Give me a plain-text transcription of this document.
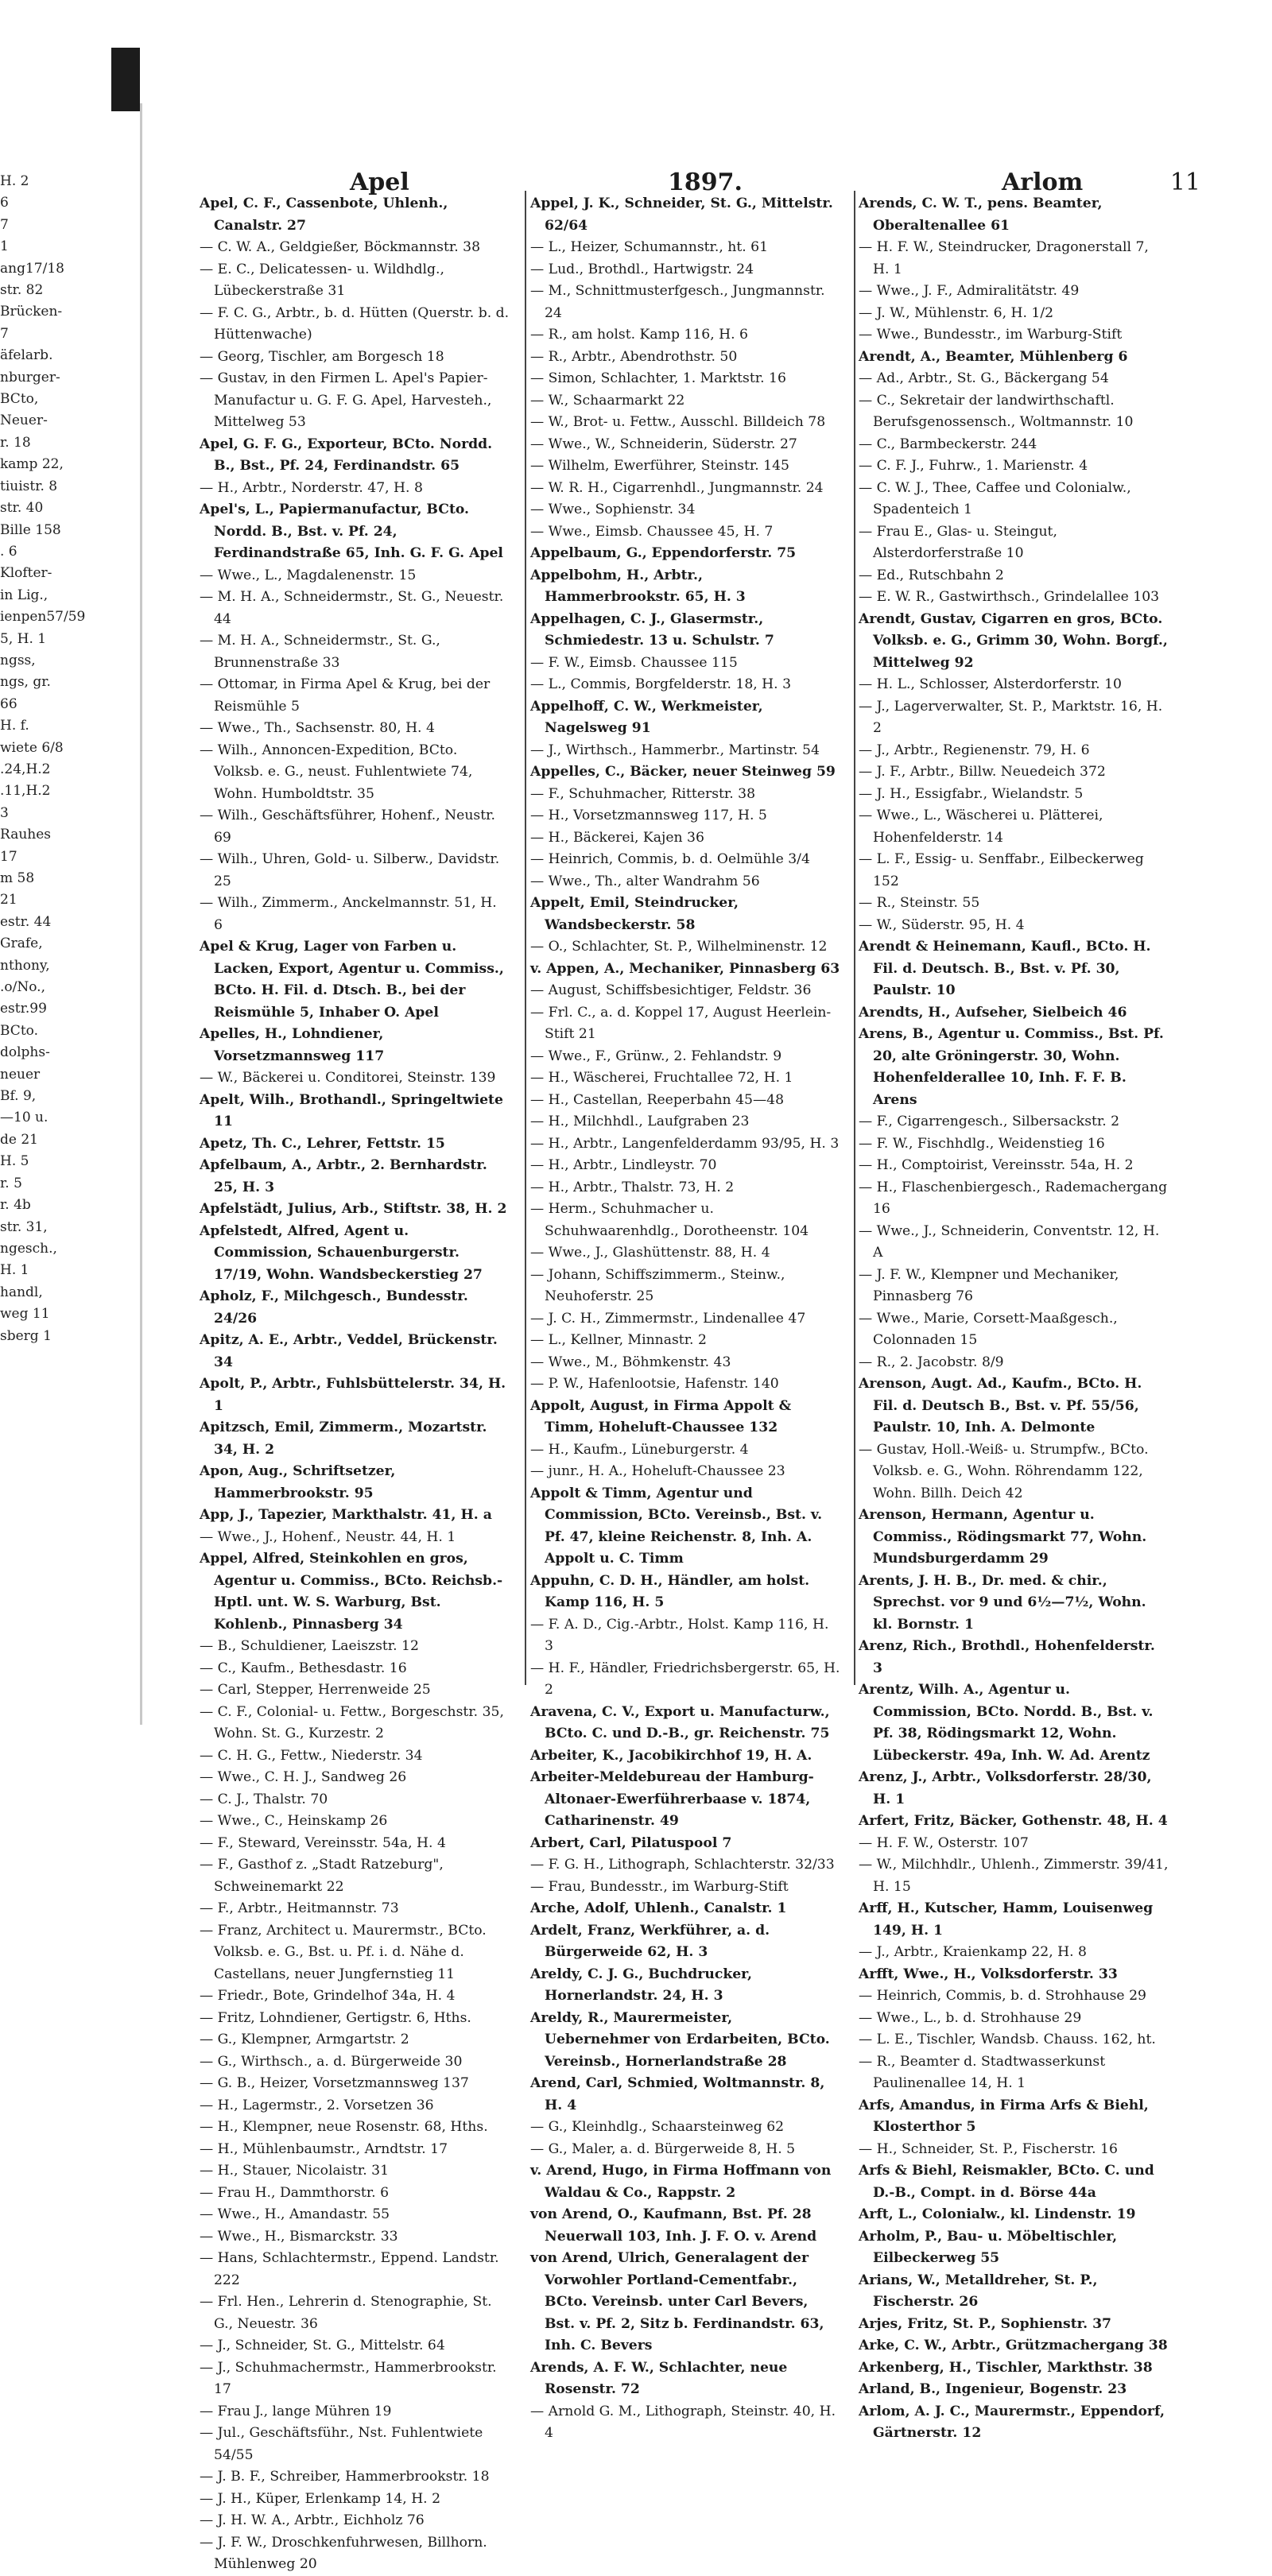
H. 2
6
7
1
ang17/18
str. 82
Brücken-
7
äfelarb.
nburger-
BCto,
Neuer-
r. 18
kamp 22,
tiuistr. 8
str. 40
Bille 158
. 6
Klofter-
in Lig.,
ienpen57/59
5, H. 1
ngss,
ngs, gr.
66
H. f.
wiete 6/8
.24,H.2
.11,H.2
3
Rauhes
17
m 58
21
estr. 44
Grafe,
nthony,
.o/No.,
estr.99
BCto.
dolphs-
neuer
Bf. 9,
—10 u.
de 21
H. 5
r. 5
r. 4b
str. 31,
ngesch.,
H. 1
handl,
weg 11
sberg 1
Apel	1897.	Arlom	11
Apel, C. F., Cassenbote, Uhlenh., Canalstr. 27
— C. W. A., Geldgießer, Böckmannstr. 38
— E. C., Delicatessen- u. Wildhdlg., Lübeckerstraße 31
— F. C. G., Arbtr., b. d. Hütten (Querstr. b. d. Hüttenwache)
— Georg, Tischler, am Borgesch 18
— Gustav, in den Firmen L. Apel's Papier-Manufactur u. G. F. G. Apel, Harvesteh., Mittelweg 53
Apel, G. F. G., Exporteur, BCto. Nordd. B., Bst., Pf. 24, Ferdinandstr. 65
— H., Arbtr., Norderstr. 47, H. 8
Apel's, L., Papiermanufactur, BCto. Nordd. B., Bst. v. Pf. 24, Ferdinandstraße 65, Inh. G. F. G. Apel
— Wwe., L., Magdalenenstr. 15
— M. H. A., Schneidermstr., St. G., Neuestr. 44
— M. H. A., Schneidermstr., St. G., Brunnenstraße 33
— Ottomar, in Firma Apel & Krug, bei der Reismühle 5
— Wwe., Th., Sachsenstr. 80, H. 4
— Wilh., Annoncen-Expedition, BCto. Volksb. e. G., neust. Fuhlentwiete 74, Wohn. Humboldtstr. 35
— Wilh., Geschäftsführer, Hohenf., Neustr. 69
— Wilh., Uhren, Gold- u. Silberw., Davidstr. 25
— Wilh., Zimmerm., Anckelmannstr. 51, H. 6
Apel & Krug, Lager von Farben u. Lacken, Export, Agentur u. Commiss., BCto. H. Fil. d. Dtsch. B., bei der Reismühle 5, Inhaber O. Apel
Apelles, H., Lohndiener, Vorsetzmannsweg 117
— W., Bäckerei u. Conditorei, Steinstr. 139
Apelt, Wilh., Brothandl., Springeltwiete 11
Apetz, Th. C., Lehrer, Fettstr. 15
Apfelbaum, A., Arbtr., 2. Bernhardstr. 25, H. 3
Apfelstädt, Julius, Arb., Stiftstr. 38, H. 2
Apfelstedt, Alfred, Agent u. Commission, Schauenburgerstr. 17/19, Wohn. Wandsbeckerstieg 27
Apholz, F., Milchgesch., Bundesstr. 24/26
Apitz, A. E., Arbtr., Veddel, Brückenstr. 34
Apolt, P., Arbtr., Fuhlsbüttelerstr. 34, H. 1
Apitzsch, Emil, Zimmerm., Mozartstr. 34, H. 2
Apon, Aug., Schriftsetzer, Hammerbrookstr. 95
App, J., Tapezier, Markthalstr. 41, H. a
— Wwe., J., Hohenf., Neustr. 44, H. 1
Appel, Alfred, Steinkohlen en gros, Agentur u. Commiss., BCto. Reichsb.-Hptl. unt. W. S. Warburg, Bst. Kohlenb., Pinnasberg 34
— B., Schuldiener, Laeiszstr. 12
— C., Kaufm., Bethesdastr. 16
— Carl, Stepper, Herrenweide 25
— C. F., Colonial- u. Fettw., Borgeschstr. 35, Wohn. St. G., Kurzestr. 2
— C. H. G., Fettw., Niederstr. 34
— Wwe., C. H. J., Sandweg 26
— C. J., Thalstr. 70
— Wwe., C., Heinskamp 26
— F., Steward, Vereinsstr. 54a, H. 4
— F., Gasthof z. „Stadt Ratzeburg", Schweinemarkt 22
— F., Arbtr., Heitmannstr. 73
— Franz, Architect u. Maurermstr., BCto. Volksb. e. G., Bst. u. Pf. i. d. Nähe d. Castellans, neuer Jungfernstieg 11
— Friedr., Bote, Grindelhof 34a, H. 4
— Fritz, Lohndiener, Gertigstr. 6, Hths.
— G., Klempner, Armgartstr. 2
— G., Wirthsch., a. d. Bürgerweide 30
— G. B., Heizer, Vorsetzmannsweg 137
— H., Lagermstr., 2. Vorsetzen 36
— H., Klempner, neue Rosenstr. 68, Hths.
— H., Mühlenbaumstr., Arndtstr. 17
— H., Stauer, Nicolaistr. 31
— Frau H., Dammthorstr. 6
— Wwe., H., Amandastr. 55
— Wwe., H., Bismarckstr. 33
— Hans, Schlachtermstr., Eppend. Landstr. 222
— Frl. Hen., Lehrerin d. Stenographie, St. G., Neuestr. 36
— J., Schneider, St. G., Mittelstr. 64
— J., Schuhmachermstr., Hammerbrookstr. 17
— Frau J., lange Mühren 19
— Jul., Geschäftsführ., Nst. Fuhlentwiete 54/55
— J. B. F., Schreiber, Hammerbrookstr. 18
— J. H., Küper, Erlenkamp 14, H. 2
— J. H. W. A., Arbtr., Eichholz 76
— J. F. W., Droschkenfuhrwesen, Billhorn. Mühlenweg 20
Appel, J. K., Schneider, St. G., Mittelstr. 62/64
— L., Heizer, Schumannstr., ht. 61
— Lud., Brothdl., Hartwigstr. 24
— M., Schnittmusterfgesch., Jungmannstr. 24
— R., am holst. Kamp 116, H. 6
— R., Arbtr., Abendrothstr. 50
— Simon, Schlachter, 1. Marktstr. 16
— W., Schaarmarkt 22
— W., Brot- u. Fettw., Ausschl. Billdeich 78
— Wwe., W., Schneiderin, Süderstr. 27
— Wilhelm, Ewerführer, Steinstr. 145
— W. R. H., Cigarrenhdl., Jungmannstr. 24
— Wwe., Sophienstr. 34
— Wwe., Eimsb. Chaussee 45, H. 7
Appelbaum, G., Eppendorferstr. 75
Appelbohm, H., Arbtr., Hammerbrookstr. 65, H. 3
Appelhagen, C. J., Glasermstr., Schmiedestr. 13 u. Schulstr. 7
— F. W., Eimsb. Chaussee 115
— L., Commis, Borgfelderstr. 18, H. 3
Appelhoff, C. W., Werkmeister, Nagelsweg 91
— J., Wirthsch., Hammerbr., Martinstr. 54
Appelles, C., Bäcker, neuer Steinweg 59
— F., Schuhmacher, Ritterstr. 38
— H., Vorsetzmannsweg 117, H. 5
— H., Bäckerei, Kajen 36
— Heinrich, Commis, b. d. Oelmühle 3/4
— Wwe., Th., alter Wandrahm 56
Appelt, Emil, Steindrucker, Wandsbeckerstr. 58
— O., Schlachter, St. P., Wilhelminenstr. 12
v. Appen, A., Mechaniker, Pinnasberg 63
— August, Schiffsbesichtiger, Feldstr. 36
— Frl. C., a. d. Koppel 17, August Heerlein-Stift 21
— Wwe., F., Grünw., 2. Fehlandstr. 9
— H., Wäscherei, Fruchtallee 72, H. 1
— H., Castellan, Reeperbahn 45—48
— H., Milchhdl., Laufgraben 23
— H., Arbtr., Langenfelderdamm 93/95, H. 3
— H., Arbtr., Lindleystr. 70
— H., Arbtr., Thalstr. 73, H. 2
— Herm., Schuhmacher u. Schuhwaarenhdlg., Dorotheenstr. 104
— Wwe., J., Glashüttenstr. 88, H. 4
— Johann, Schiffszimmerm., Steinw., Neuhoferstr. 25
— J. C. H., Zimmermstr., Lindenallee 47
— L., Kellner, Minnastr. 2
— Wwe., M., Böhmkenstr. 43
— P. W., Hafenlootsie, Hafenstr. 140
Appolt, August, in Firma Appolt & Timm, Hoheluft-Chaussee 132
— H., Kaufm., Lüneburgerstr. 4
— junr., H. A., Hoheluft-Chaussee 23
Appolt & Timm, Agentur und Commission, BCto. Vereinsb., Bst. v. Pf. 47, kleine Reichenstr. 8, Inh. A. Appolt u. C. Timm
Appuhn, C. D. H., Händler, am holst. Kamp 116, H. 5
— F. A. D., Cig.-Arbtr., Holst. Kamp 116, H. 3
— H. F., Händler, Friedrichsbergerstr. 65, H. 2
Aravena, C. V., Export u. Manufacturw., BCto. C. und D.-B., gr. Reichenstr. 75
Arbeiter, K., Jacobikirchhof 19, H. A.
Arbeiter-Meldebureau der Hamburg-Altonaer-Ewerführerbaase v. 1874, Catharinenstr. 49
Arbert, Carl, Pilatuspool 7
— F. G. H., Lithograph, Schlachterstr. 32/33
— Frau, Bundesstr., im Warburg-Stift
Arche, Adolf, Uhlenh., Canalstr. 1
Ardelt, Franz, Werkführer, a. d. Bürgerweide 62, H. 3
Areldy, C. J. G., Buchdrucker, Hornerlandstr. 24, H. 3
Areldy, R., Maurermeister, Uebernehmer von Erdarbeiten, BCto. Vereinsb., Hornerlandstraße 28
Arend, Carl, Schmied, Woltmannstr. 8, H. 4
— G., Kleinhdlg., Schaarsteinweg 62
— G., Maler, a. d. Bürgerweide 8, H. 5
v. Arend, Hugo, in Firma Hoffmann von Waldau & Co., Rappstr. 2
von Arend, O., Kaufmann, Bst. Pf. 28 Neuerwall 103, Inh. J. F. O. v. Arend
von Arend, Ulrich, Generalagent der Vorwohler Portland-Cementfabr., BCto. Vereinsb. unter Carl Bevers, Bst. v. Pf. 2, Sitz b. Ferdinandstr. 63, Inh. C. Bevers
Arends, A. F. W., Schlachter, neue Rosenstr. 72
— Arnold G. M., Lithograph, Steinstr. 40, H. 4
Arends, C. W. T., pens. Beamter, Oberaltenallee 61
— H. F. W., Steindrucker, Dragonerstall 7, H. 1
— Wwe., J. F., Admiralitätstr. 49
— J. W., Mühlenstr. 6, H. 1/2
— Wwe., Bundesstr., im Warburg-Stift
Arendt, A., Beamter, Mühlenberg 6
— Ad., Arbtr., St. G., Bäckergang 54
— C., Sekretair der landwirthschaftl. Berufsgenossensch., Woltmannstr. 10
— C., Barmbeckerstr. 244
— C. F. J., Fuhrw., 1. Marienstr. 4
— C. W. J., Thee, Caffee und Colonialw., Spadenteich 1
— Frau E., Glas- u. Steingut, Alsterdorferstraße 10
— Ed., Rutschbahn 2
— E. W. R., Gastwirthsch., Grindelallee 103
Arendt, Gustav, Cigarren en gros, BCto. Volksb. e. G., Grimm 30, Wohn. Borgf., Mittelweg 92
— H. L., Schlosser, Alsterdorferstr. 10
— J., Lagerverwalter, St. P., Marktstr. 16, H. 2
— J., Arbtr., Regienenstr. 79, H. 6
— J. F., Arbtr., Billw. Neuedeich 372
— J. H., Essigfabr., Wielandstr. 5
— Wwe., L., Wäscherei u. Plätterei, Hohenfelderstr. 14
— L. F., Essig- u. Senffabr., Eilbeckerweg 152
— R., Steinstr. 55
— W., Süderstr. 95, H. 4
Arendt & Heinemann, Kaufl., BCto. H. Fil. d. Deutsch. B., Bst. v. Pf. 30, Paulstr. 10
Arendts, H., Aufseher, Sielbeich 46
Arens, B., Agentur u. Commiss., Bst. Pf. 20, alte Gröningerstr. 30, Wohn. Hohenfelderallee 10, Inh. F. F. B. Arens
— F., Cigarrengesch., Silbersackstr. 2
— F. W., Fischhdlg., Weidenstieg 16
— H., Comptoirist, Vereinsstr. 54a, H. 2
— H., Flaschenbiergesch., Rademachergang 16
— Wwe., J., Schneiderin, Conventstr. 12, H. A
— J. F. W., Klempner und Mechaniker, Pinnasberg 76
— Wwe., Marie, Corsett-Maaßgesch., Colonnaden 15
— R., 2. Jacobstr. 8/9
Arenson, Augt. Ad., Kaufm., BCto. H. Fil. d. Deutsch B., Bst. v. Pf. 55/56, Paulstr. 10, Inh. A. Delmonte
— Gustav, Holl.-Weiß- u. Strumpfw., BCto. Volksb. e. G., Wohn. Röhrendamm 122, Wohn. Billh. Deich 42
Arenson, Hermann, Agentur u. Commiss., Rödingsmarkt 77, Wohn. Mundsburgerdamm 29
Arents, J. H. B., Dr. med. & chir., Sprechst. vor 9 und 6½—7½, Wohn. kl. Bornstr. 1
Arenz, Rich., Brothdl., Hohenfelderstr. 3
Arentz, Wilh. A., Agentur u. Commission, BCto. Nordd. B., Bst. v. Pf. 38, Rödingsmarkt 12, Wohn. Lübeckerstr. 49a, Inh. W. Ad. Arentz
Arenz, J., Arbtr., Volksdorferstr. 28/30, H. 1
Arfert, Fritz, Bäcker, Gothenstr. 48, H. 4
— H. F. W., Osterstr. 107
— W., Milchhdlr., Uhlenh., Zimmerstr. 39/41, H. 15
Arff, H., Kutscher, Hamm, Louisenweg 149, H. 1
— J., Arbtr., Kraienkamp 22, H. 8
Arfft, Wwe., H., Volksdorferstr. 33
— Heinrich, Commis, b. d. Strohhause 29
— Wwe., L., b. d. Strohhause 29
— L. E., Tischler, Wandsb. Chauss. 162, ht.
— R., Beamter d. Stadtwasserkunst Paulinenallee 14, H. 1
Arfs, Amandus, in Firma Arfs & Biehl, Klosterthor 5
— H., Schneider, St. P., Fischerstr. 16
Arfs & Biehl, Reismakler, BCto. C. und D.-B., Compt. in d. Börse 44a
Arft, L., Colonialw., kl. Lindenstr. 19
Arholm, P., Bau- u. Möbeltischler, Eilbeckerweg 55
Arians, W., Metalldreher, St. P., Fischerstr. 26
Arjes, Fritz, St. P., Sophienstr. 37
Arke, C. W., Arbtr., Grützmachergang 38
Arkenberg, H., Tischler, Markthstr. 38
Arland, B., Ingenieur, Bogenstr. 23
Arlom, A. J. C., Maurermstr., Eppendorf, Gärtnerstr. 12
